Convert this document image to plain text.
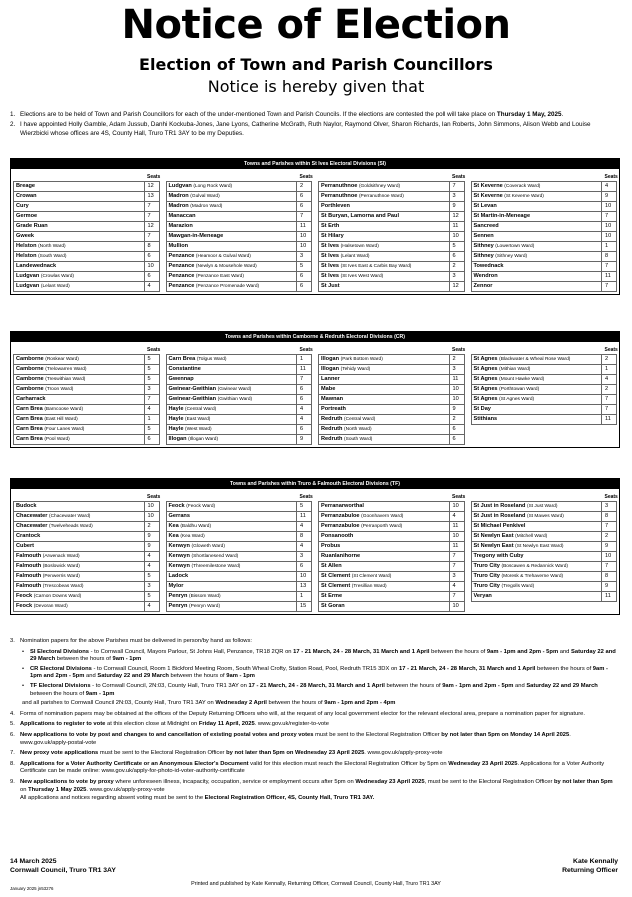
Notice of Election
Election of Town and Parish Councillors
Notice is hereby given that
1. Elections are to be held of Town and Parish Councillors for each of the under-mentioned Town and Parish Councils. If the elections are contested the poll will take place on Thursday 1 May, 2025.
2. I have appointed Holly Gamble, Adam Jussub, Danhi Kockuba-Jones, Jane Lyons, Catherine McGrath, Ruth Naylor, Raymond Olver, Sharon Richards, Ian Roberts, John Simmons, Alison Webb and Louise Wierzbicki whose offices are 4S, County Hall, Truro TR1 3AY to be my Deputies.
Towns and Parishes within St Ives Electoral Divisions (SI)
	Seats
Breage	12
Crowan	13
Cury	7
Germoe	7
Grade Ruan	12
Gweek	7
Helston (North Ward)	8
Helston (South Ward)	6
Landewednack	10
Ludgvan (Crowlas Ward)	6
Ludgvan (Lelant Ward)	4
	Seats
Ludgvan (Long Rock Ward)	2
Madron (Gulval Ward)	6
Madron (Madron Ward)	6
Manaccan	7
Marazion	11
Mawgan-in-Meneage	10
Mullion	10
Penzance (Heamoor & Gulval Ward)	3
Penzance (Newlyn & Mousehole Ward)	5
Penzance (Penzance East Ward)	6
Penzance (Penzance Promenade Ward)	6
	Seats
Perranuthnoe (Goldsithney Ward)	7
Perranuthnoe (Perranuthnoe Ward)	3
Porthleven	9
St Buryan, Lamorna and Paul	12
St Erth	11
St Hilary	10
St Ives (Halsetown Ward)	5
St Ives (Lelant Ward)	6
St Ives (St Ives East & Carbis Bay Ward)	2
St Ives (St Ives West Ward)	3
St Just	12
	Seats
St Keverne (Coverack Ward)	4
St Keverne (St Keverne Ward)	9
St Levan	10
St Martin-in-Meneage	7
Sancreed	10
Sennen	10
Sithney (Lowertown Ward)	1
Sithney (Sithney Ward)	8
Towednack	7
Wendron	11
Zennor	7
Towns and Parishes within Camborne & Redruth Electoral Divisions (CR)
	Seats
Camborne (Roskear Ward)	5
Camborne (Trelowarren Ward)	5
Camborne (Treswithian Ward)	5
Camborne (Troon Ward)	3
Carharrack	7
Carn Brea (Barncoose Ward)	4
Carn Brea (East Hill Ward)	1
Carn Brea (Four Lanes Ward)	5
Carn Brea (Pool Ward)	6
	Seats
Carn Brea (Tolgus Ward)	1
Constantine	11
Gwennap	7
Gwinear-Gwithian (Gwinear Ward)	6
Gwinear-Gwithian (Gwithian Ward)	6
Hayle (Central Ward)	4
Hayle (East Ward)	4
Hayle (West Ward)	6
Illogan (Illogan Ward)	9
	Seats
Illogan (Park Bottom Ward)	2
Illogan (Tehidy Ward)	3
Lanner	11
Mabe	10
Mawnan	10
Portreath	9
Redruth (Central Ward)	2
Redruth (North Ward)	6
Redruth (South Ward)	6
	Seats
St Agnes (Blackwater & Wheal Rose Ward)	2
St Agnes (Mithian Ward)	1
St Agnes (Mount Hawke Ward)	4
St Agnes (Porthtowan Ward)	2
St Agnes (St Agnes Ward)	7
St Day	7
Stithians	11
Towns and Parishes within Truro & Falmouth Electoral Divisions (TF)
	Seats
Budock	10
Chacewater (Chacewater Ward)	10
Chacewater (Twelveheads Ward)	2
Crantock	9
Cubert	9
Falmouth (Arwenack Ward)	4
Falmouth (Boslowick Ward)	4
Falmouth (Penwerris Ward)	5
Falmouth (Trescobeas Ward)	3
Feock (Carnon Downs Ward)	5
Feock (Devoran Ward)	4
	Seats
Feock (Feock Ward)	5
Gerrans	11
Kea (Baldhu Ward)	4
Kea (Kea Ward)	8
Kenwyn (Gloweth Ward)	4
Kenwyn (Shortlanesend Ward)	3
Kenwyn (Threemilestone Ward)	6
Ladock	10
Mylor	13
Penryn (Bissom Ward)	1
Penryn (Penryn Ward)	15
	Seats
Perranarworthal	10
Perranzabuloe (Goonhavern Ward)	4
Perranzabuloe (Perranporth Ward)	11
Ponsanooth	10
Probus	11
Ruanlanihorne	7
St Allen	7
St Clement (St Clement Ward)	3
St Clement (Tresillian Ward)	4
St Erme	7
St Goran	10
	Seats
St Just in Roseland (St Just Ward)	3
St Just in Roseland (St Mawes Ward)	8
St Michael Penkivel	7
St Newlyn East (Mitchell Ward)	2
St Newlyn East (St Newlyn East Ward)	9
Tregony with Cuby	10
Truro City (Boscawen & Redannick Ward)	7
Truro City (Moresk & Trehaverne Ward)	8
Truro City (Tregolls Ward)	9
Veryan	11
3. Nomination papers for the above Parishes must be delivered in person/by hand as follows:
•	SI Electoral Divisions - to Cornwall Council, Mayors Parlour, St Johns Hall, Penzance, TR18 2QR on 17 - 21 March, 24 - 28 March, 31 March and 1 April between the hours of 9am - 1pm and 2pm - 5pm and Saturday 22 and 29 March between the hours of 9am - 1pm
•	CR Electoral Divisions - to Cornwall Council, Room 1 Bickford Meeting Room, South Wheal Crofty, Station Road, Pool, Redruth TR15 3DX on 17 - 21 March, 24 - 28 March, 31 March and 1 April between the hours of 9am - 1pm and 2pm - 5pm and Saturday 22 and 29 March between the hours of 9am - 1pm
•	TF Electoral Divisions - to Cornwall Council, 2N:03, County Hall, Truro TR1 3AY on 17 - 21 March, 24 - 28 March, 31 March and 1 April between the hours of 9am - 1pm and 2pm - 5pm and Saturday 22 and 29 March between the hours of 9am - 1pm
and all parishes to Cornwall Council 2N:03, County Hall, Truro TR1 3AY on Wednesday 2 April between the hours of 9am - 1pm and 2pm - 4pm
4. Forms of nomination papers may be obtained at the offices of the Deputy Returning Officers who will, at the request of any local government elector for the relevant electoral area, prepare a nomination paper for signature.
5. Applications to register to vote at this election close at Midnight on Friday 11 April, 2025. www.gov.uk/register-to-vote
6. New applications to vote by post and changes to and cancellation of existing postal votes and proxy votes must be sent to the Electoral Registration Officer by not later than 5pm on Monday 14 April 2025. www.gov.uk/apply-postal-vote
7. New proxy vote applications must be sent to the Electoral Registration Officer by not later than 5pm on Wednesday 23 April 2025. www.gov.uk/apply-proxy-vote
8. Applications for a Voter Authority Certificate or an Anonymous Elector's Document valid for this election must reach the Electoral Registration Officer by 5pm on Wednesday 23 April 2025. Applications for a Voter Authority Certificate can be made online: www.gov.uk/apply-for-photo-id-voter-authority-certificate
9. New applications to vote by proxy where unforeseen illness, incapacity, occupation, service or employment occurs after 5pm on Wednesday 23 April 2025, must be sent to the Electoral Registration Officer by not later than 5pm on Thursday 1 May 2025. www.gov.uk/apply-proxy-vote
All applications and notices regarding absent voting must be sent to the Electoral Registration Officer, 4S, County Hall, Truro TR1 3AY.
14 March 2025
Cornwall Council, Truro TR1 3AY
Kate Kennally
Returning Officer
Printed and published by Kate Kennally, Returning Officer, Cornwall Council, County Hall, Truro TR1 3AY
January 2025 jn53276
